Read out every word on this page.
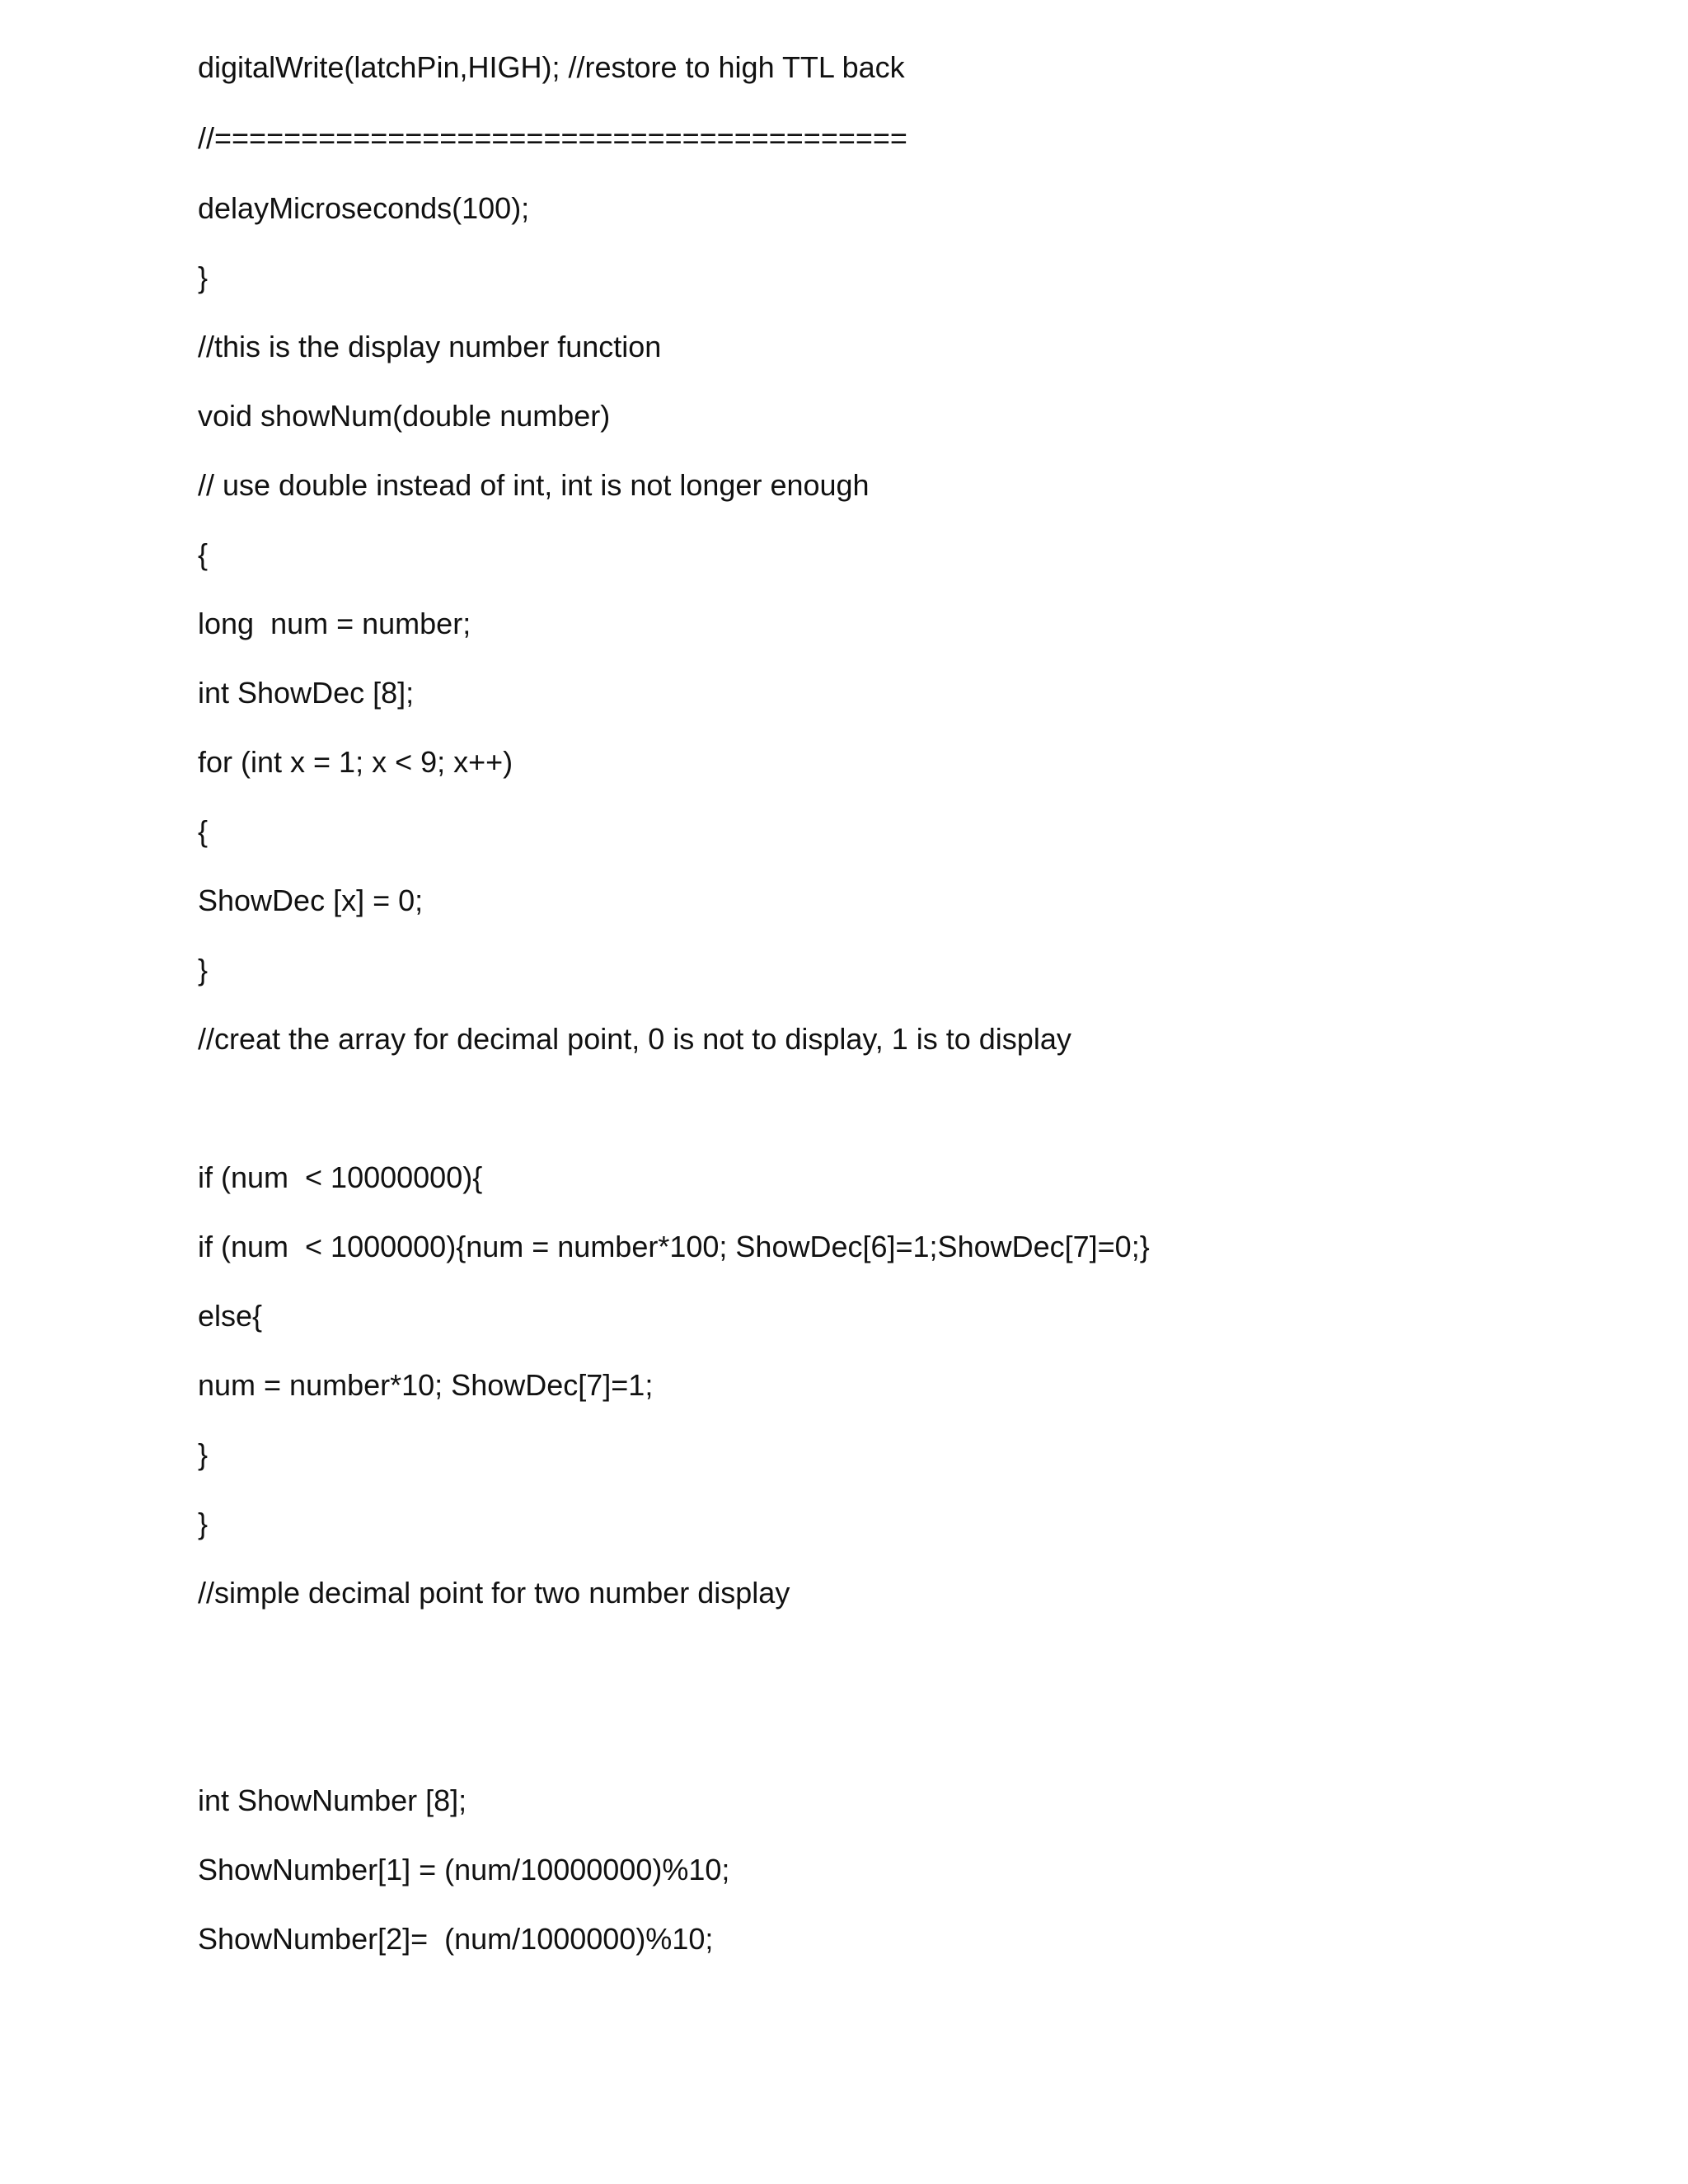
digitalWrite(latchPin,HIGH); //restore to high TTL back

//========================================

delayMicroseconds(100);

}

//this is the display number function

void showNum(double number)

// use double instead of int, int is not longer enough

{

long  num = number;

int ShowDec [8];

for (int x = 1; x < 9; x++)

{

ShowDec [x] = 0;

}

//creat the array for decimal point, 0 is not to display, 1 is to display

if (num  < 10000000){

if (num  < 1000000){num = number*100; ShowDec[6]=1;ShowDec[7]=0;}

else{

num = number*10; ShowDec[7]=1;

}

}

//simple decimal point for two number display

int ShowNumber [8];

ShowNumber[1] = (num/10000000)%10;

ShowNumber[2]=  (num/1000000)%10;
